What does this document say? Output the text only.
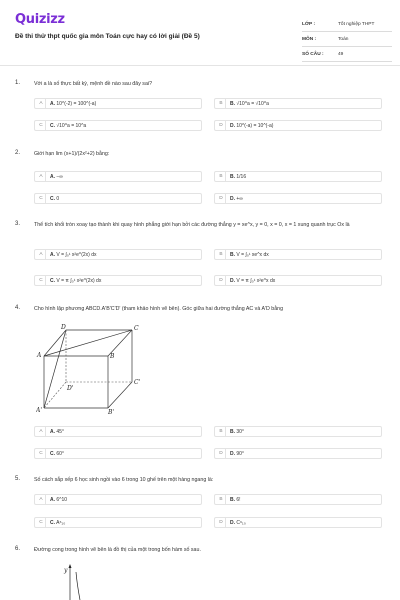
Quizizz
Đề thi thử thpt quốc gia môn Toán cực hay có lời giải (Đề 5)
LỚP :	Tốt nghiệp THPT
MÔN :	Toán
SỐ CÂU :	49
1.	Với a là số thực bất kỳ, mệnh đề nào sau đây sai?
A	A. 10^(-2) = 100^(-a)	B	B. √10^a = √10^a
C	C. √10^a = 10^a	D	D. 10^(-a) = 10^(-a)
2.	Giới hạn lim (x+1)/(2x²+2) bằng:
A	A. −∞	B	B. 1/16
C	C. 0	D	D. +∞
3.	Thể tích khối tròn xoay tạo thành khi quay hình phẳng giới hạn bởi các đường thẳng y = xe^x, y = 0, x = 0, x = 1 xung quanh trục Ox là
A	A. V = ∫₀¹ x²e^(2x) dx	B	B. V = ∫₀¹ xe^x dx
C	C. V = π ∫₀¹ x²e^(2x) dx	D	D. V = π ∫₀¹ x²e^x dx
4.	Cho hình lập phương ABCD.A'B'C'D' (tham khảo hình vẽ bên). Góc giữa hai đường thẳng AC và A'D bằng
A	A. 45°	B	B. 30°
C	C. 60°	D	D. 90°
D	C
B
A
D'
C'
B'
A'
5.	Số cách sắp xếp 6 học sinh ngồi vào 6 trong 10 ghế trên một hàng ngang là:
A	A. 6^10	B	B. 6!
C	C. A⁶₁₀	D	D. C⁶₁₀
6.	Đường cong trong hình vẽ bên là đồ thị của một trong bốn hàm số sau.
y
